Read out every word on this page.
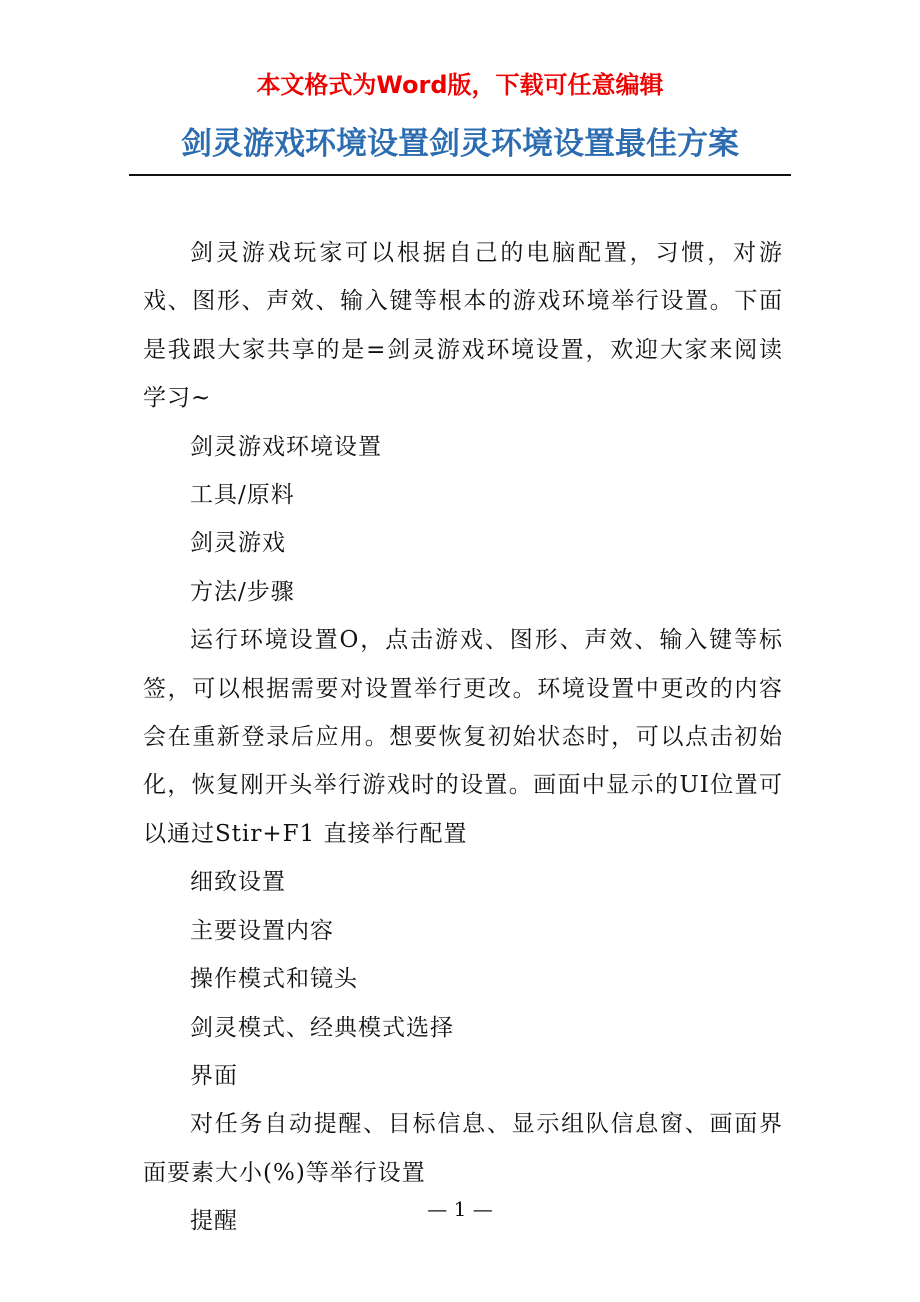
本文格式为Word版，下载可任意编辑
剑灵游戏环境设置剑灵环境设置最佳方案

剑灵游戏玩家可以根据自己的电脑配置，习惯，对游戏、图形、声效、输入键等根本的游戏环境举行设置。下面是我跟大家共享的是=剑灵游戏环境设置，欢迎大家来阅读学习~

剑灵游戏环境设置

工具/原料

剑灵游戏

方法/步骤

运行环境设置O，点击游戏、图形、声效、输入键等标签，可以根据需要对设置举行更改。环境设置中更改的内容会在重新登录后应用。想要恢复初始状态时，可以点击初始化，恢复刚开头举行游戏时的设置。画面中显示的UI位置可以通过Stir+F1 直接举行配置

细致设置

主要设置内容

操作模式和镜头

剑灵模式、经典模式选择

界面

对任务自动提醒、目标信息、显示组队信息窗、画面界面要素大小(%)等举行设置

提醒	— 1 —
